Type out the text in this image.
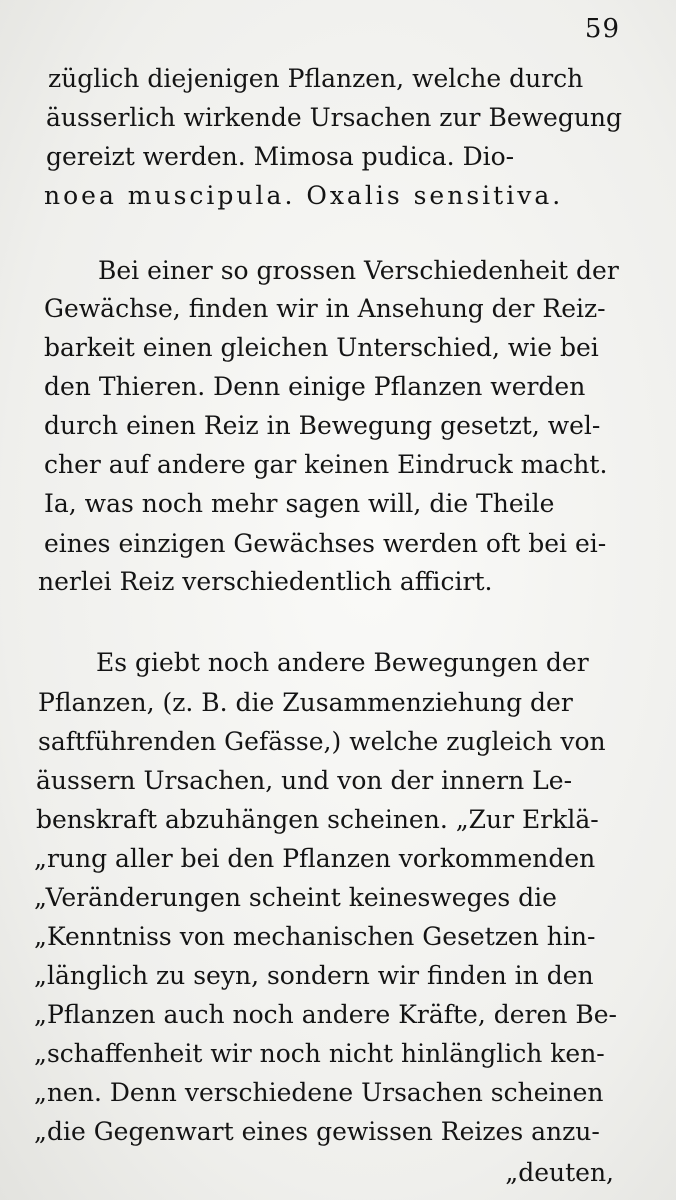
59
züglich diejenigen Pflanzen, welche durch
äusserlich wirkende Ursachen zur Bewegung
gereizt werden. Mimosa pudica. Dio-
noea muscipula. Oxalis sensitiva.
Bei einer so grossen Verschiedenheit der
Gewächse, finden wir in Ansehung der Reiz-
barkeit einen gleichen Unterschied, wie bei
den Thieren. Denn einige Pflanzen werden
durch einen Reiz in Bewegung gesetzt, wel-
cher auf andere gar keinen Eindruck macht.
Ia, was noch mehr sagen will, die Theile
eines einzigen Gewächses werden oft bei ei-
nerlei Reiz verschiedentlich afficirt.
Es giebt noch andere Bewegungen der
Pflanzen, (z. B. die Zusammenziehung der
saftführenden Gefässe,) welche zugleich von
äussern Ursachen, und von der innern Le-
benskraft abzuhängen scheinen. „Zur Erklä-
„rung aller bei den Pflanzen vorkommenden
„Veränderungen scheint keinesweges die
„Kenntniss von mechanischen Gesetzen hin-
„länglich zu seyn, sondern wir finden in den
„Pflanzen auch noch andere Kräfte, deren Be-
„schaffenheit wir noch nicht hinlänglich ken-
„nen. Denn verschiedene Ursachen scheinen
„die Gegenwart eines gewissen Reizes anzu-
„deuten,
